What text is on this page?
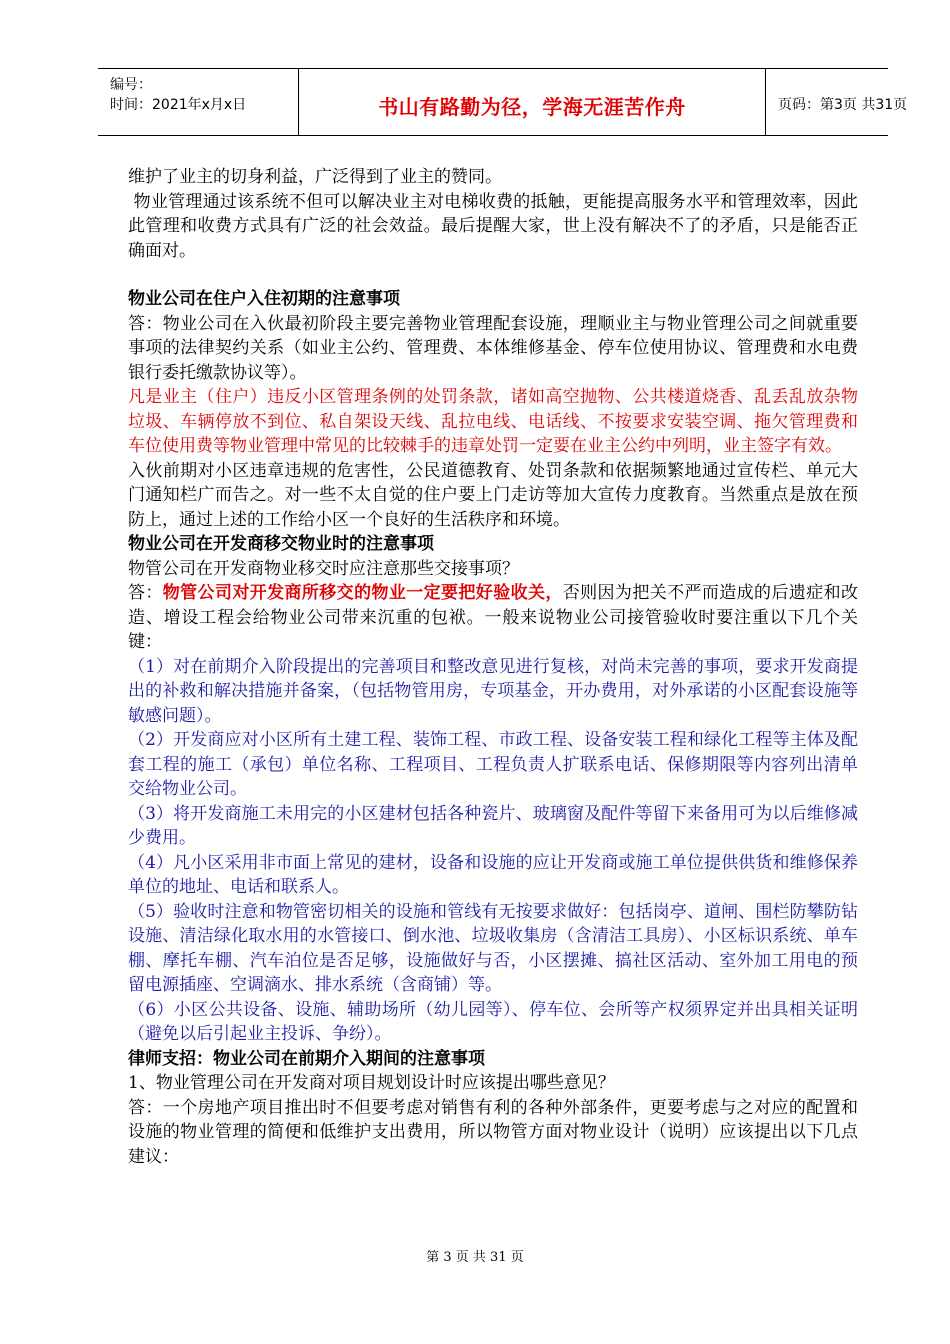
编号：
时间：2021年x月x日	书山有路勤为径，学海无涯苦作舟	页码：第3页 共31页

维护了业主的切身利益，广泛得到了业主的赞同。

物业管理通过该系统不但可以解决业主对电梯收费的抵触，更能提高服务水平和管理效率，因此此管理和收费方式具有广泛的社会效益。最后提醒大家，世上没有解决不了的矛盾，只是能否正确面对。

物业公司在住户入住初期的注意事项

答：物业公司在入伙最初阶段主要完善物业管理配套设施，理顺业主与物业管理公司之间就重要事项的法律契约关系（如业主公约、管理费、本体维修基金、停车位使用协议、管理费和水电费银行委托缴款协议等）。

凡是业主（住户）违反小区管理条例的处罚条款，诸如高空抛物、公共楼道烧香、乱丢乱放杂物垃圾、车辆停放不到位、私自架设天线、乱拉电线、电话线、不按要求安装空调、拖欠管理费和车位使用费等物业管理中常见的比较棘手的违章处罚一定要在业主公约中列明，业主签字有效。

入伙前期对小区违章违规的危害性，公民道德教育、处罚条款和依据频繁地通过宣传栏、单元大门通知栏广而告之。对一些不太自觉的住户要上门走访等加大宣传力度教育。当然重点是放在预防上，通过上述的工作给小区一个良好的生活秩序和环境。

物业公司在开发商移交物业时的注意事项

物管公司在开发商物业移交时应注意那些交接事项？

答：物管公司对开发商所移交的物业一定要把好验收关，否则因为把关不严而造成的后遗症和改造、增设工程会给物业公司带来沉重的包袱。一般来说物业公司接管验收时要注重以下几个关键：

（1）对在前期介入阶段提出的完善项目和整改意见进行复核，对尚未完善的事项，要求开发商提出的补救和解决措施并备案，（包括物管用房，专项基金，开办费用，对外承诺的小区配套设施等敏感问题）。

（2）开发商应对小区所有土建工程、装饰工程、市政工程、设备安装工程和绿化工程等主体及配套工程的施工（承包）单位名称、工程项目、工程负责人扩联系电话、保修期限等内容列出清单交给物业公司。

（3）将开发商施工未用完的小区建材包括各种瓷片、玻璃窗及配件等留下来备用可为以后维修减少费用。

（4）凡小区采用非市面上常见的建材，设备和设施的应让开发商或施工单位提供供货和维修保养单位的地址、电话和联系人。

（5）验收时注意和物管密切相关的设施和管线有无按要求做好：包括岗亭、道闸、围栏防攀防钻设施、清洁绿化取水用的水管接口、倒水池、垃圾收集房（含清洁工具房）、小区标识系统、单车棚、摩托车棚、汽车泊位是否足够，设施做好与否，小区摆摊、搞社区活动、室外加工用电的预留电源插座、空调滴水、排水系统（含商铺）等。

（6）小区公共设备、设施、辅助场所（幼儿园等）、停车位、会所等产权须界定并出具相关证明（避免以后引起业主投诉、争纷）。

律师支招：物业公司在前期介入期间的注意事项

1、物业管理公司在开发商对项目规划设计时应该提出哪些意见？

答：一个房地产项目推出时不但要考虑对销售有利的各种外部条件，更要考虑与之对应的配置和设施的物业管理的简便和低维护支出费用，所以物管方面对物业设计（说明）应该提出以下几点建议：

第 3 页 共 31 页
